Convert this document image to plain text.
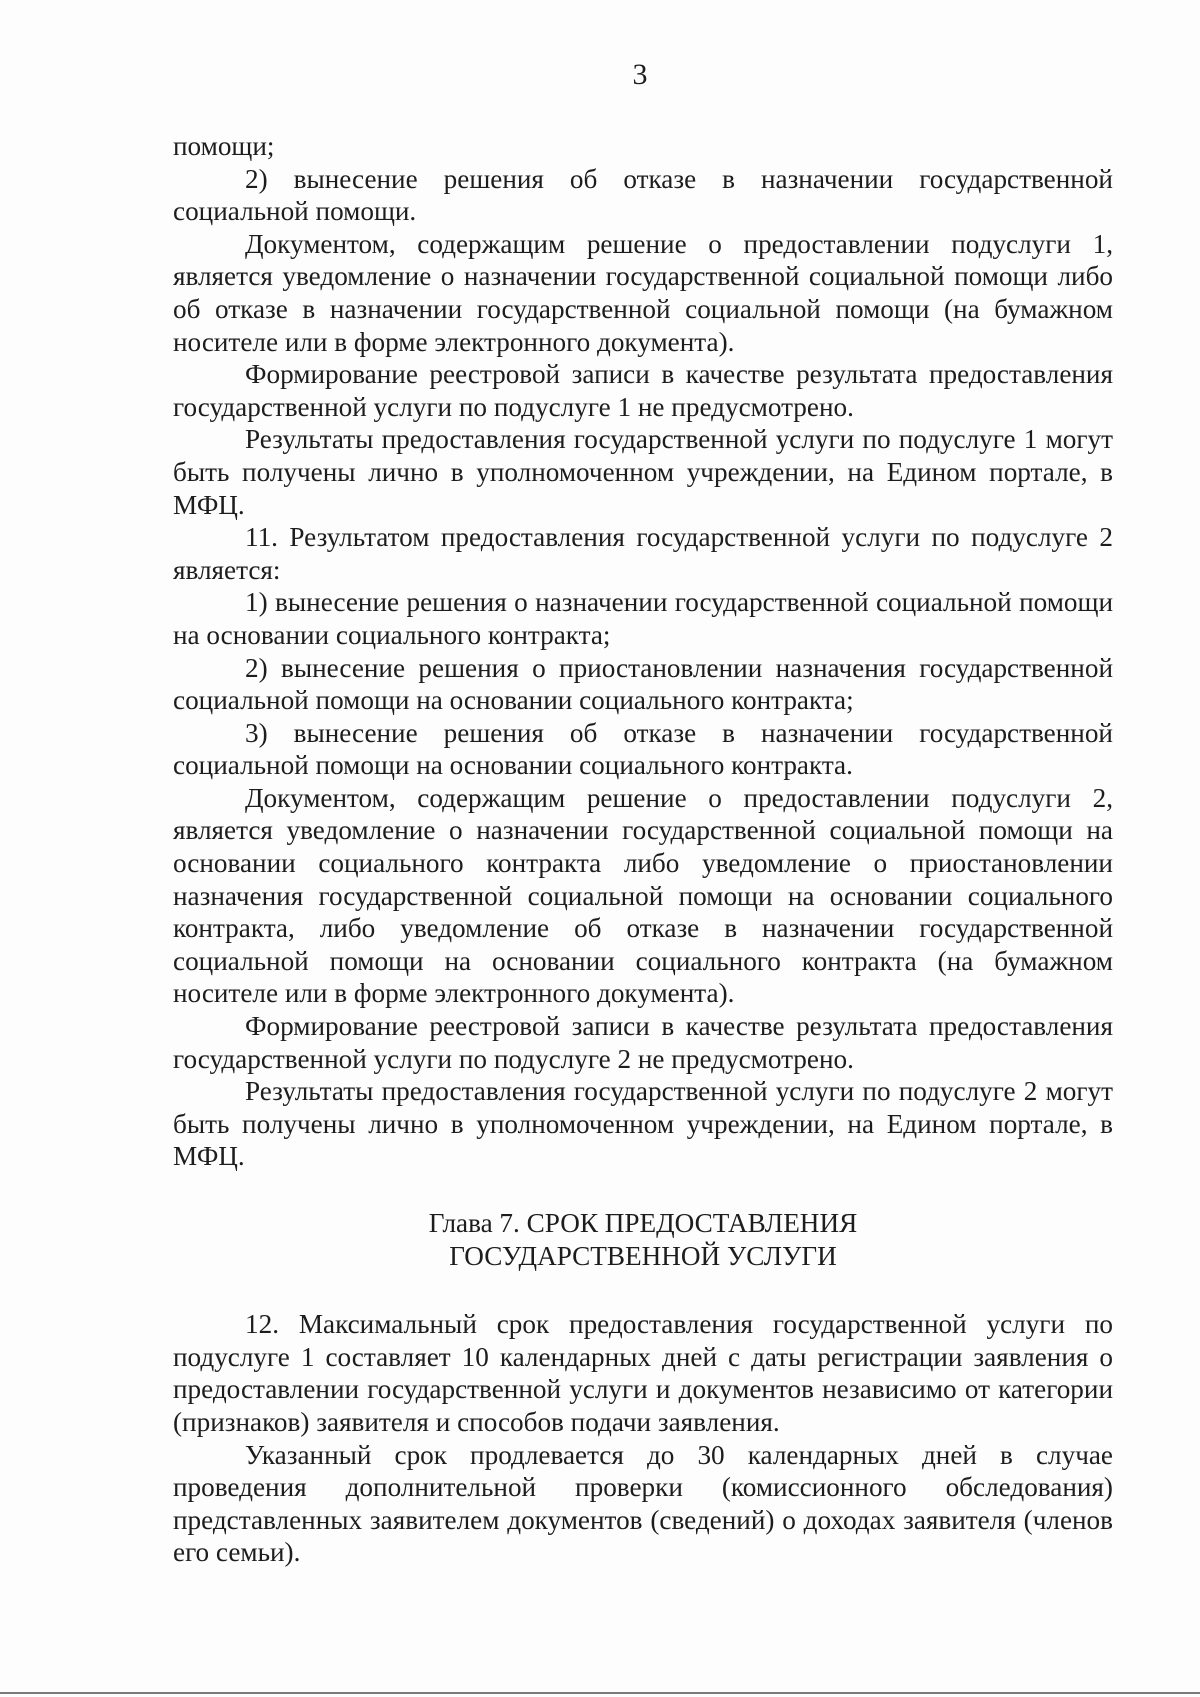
3

помощи;

2) вынесение решения об отказе в назначении государственной социальной помощи.

Документом, содержащим решение о предоставлении подуслуги 1, является уведомление о назначении государственной социальной помощи либо об отказе в назначении государственной социальной помощи (на бумажном носителе или в форме электронного документа).

Формирование реестровой записи в качестве результата предоставления государственной услуги по подуслуге 1 не предусмотрено.

Результаты предоставления государственной услуги по подуслуге 1 могут быть получены лично в уполномоченном учреждении, на Едином портале, в МФЦ.

11. Результатом предоставления государственной услуги по подуслуге 2 является:

1) вынесение решения о назначении государственной социальной помощи на основании социального контракта;

2) вынесение решения о приостановлении назначения государственной социальной помощи на основании социального контракта;

3) вынесение решения об отказе в назначении государственной социальной помощи на основании социального контракта.

Документом, содержащим решение о предоставлении подуслуги 2, является уведомление о назначении государственной социальной помощи на основании социального контракта либо уведомление о приостановлении назначения государственной социальной помощи на основании социального контракта, либо уведомление об отказе в назначении государственной социальной помощи на основании социального контракта (на бумажном носителе или в форме электронного документа).

Формирование реестровой записи в качестве результата предоставления государственной услуги по подуслуге 2 не предусмотрено.

Результаты предоставления государственной услуги по подуслуге 2 могут быть получены лично в уполномоченном учреждении, на Едином портале, в МФЦ.

Глава 7. СРОК ПРЕДОСТАВЛЕНИЯ
ГОСУДАРСТВЕННОЙ УСЛУГИ

12. Максимальный срок предоставления государственной услуги по подуслуге 1 составляет 10 календарных дней с даты регистрации заявления о предоставлении государственной услуги и документов независимо от категории (признаков) заявителя и способов подачи заявления.

Указанный срок продлевается до 30 календарных дней в случае проведения дополнительной проверки (комиссионного обследования) представленных заявителем документов (сведений) о доходах заявителя (членов его семьи).
